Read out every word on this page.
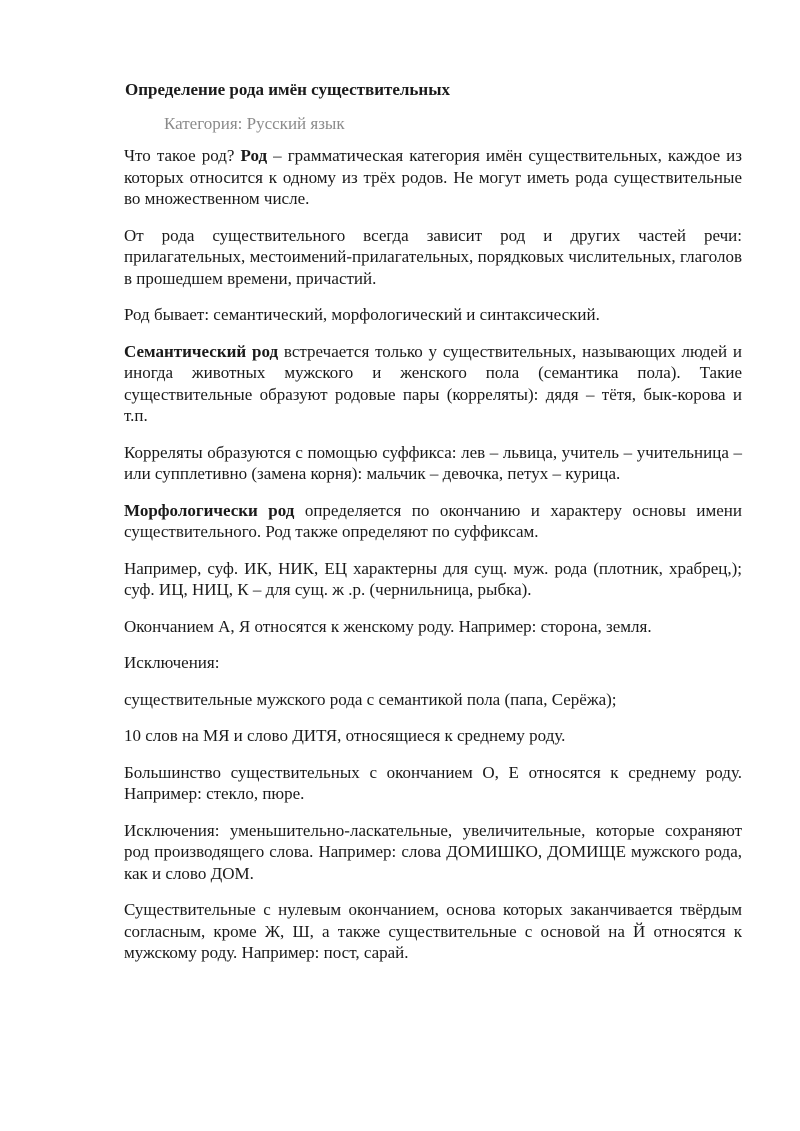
Определение рода имён существительных
Категория: Русский язык

Что такое род? Род – грамматическая категория имён существительных, каждое из которых относится к одному из трёх родов. Не могут иметь рода существительные во множественном числе.

От рода существительного всегда зависит род и других частей речи: прилагательных, местоимений-прилагательных, порядковых числительных, глаголов в прошедшем времени, причастий.

Род бывает: семантический, морфологический и синтаксический.

Семантический род встречается только у существительных, называющих людей и иногда животных мужского и женского пола (семантика пола). Такие существительные образуют родовые пары (корреляты): дядя – тётя, бык-корова и т.п.

Корреляты образуются с помощью суффикса: лев – львица, учитель – учительница – или супплетивно (замена корня): мальчик – девочка, петух – курица.

Морфологически род определяется по окончанию и характеру основы имени существительного. Род также определяют по суффиксам.

Например, суф. ИК, НИК, ЕЦ характерны для сущ. муж. рода (плотник, храбрец,); суф. ИЦ, НИЦ, К – для сущ. ж .р. (чернильница, рыбка).

Окончанием А, Я относятся к женскому роду. Например: сторона, земля.

Исключения:

существительные мужского рода с семантикой пола (папа, Серёжа);

10 слов на МЯ и слово ДИТЯ, относящиеся к среднему роду.

Большинство существительных с окончанием О, Е относятся к среднему роду. Например: стекло, пюре.

Исключения: уменьшительно-ласкательные, увеличительные, которые сохраняют род производящего слова. Например: слова ДОМИШКО, ДОМИЩЕ мужского рода, как и слово ДОМ.

Существительные с нулевым окончанием, основа которых заканчивается твёрдым согласным, кроме Ж, Ш, а также существительные с основой на Й относятся к мужскому роду. Например: пост, сарай.
